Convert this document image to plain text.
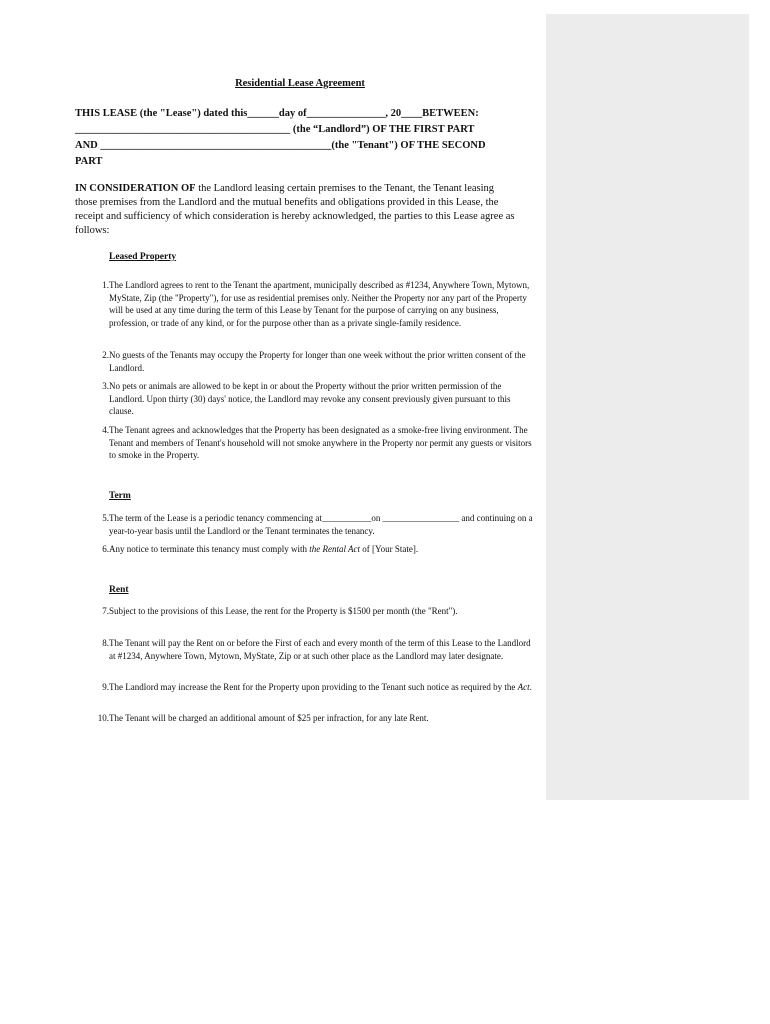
Residential Lease Agreement
THIS LEASE (the "Lease") dated this______day of_______________, 20____BETWEEN:
_________________________________________ (the “Landlord”) OF THE FIRST PART
AND ____________________________________________(the "Tenant") OF THE SECOND
PART
IN CONSIDERATION OF the Landlord leasing certain premises to the Tenant, the Tenant leasing those premises from the Landlord and the mutual benefits and obligations provided in this Lease, the receipt and sufficiency of which consideration is hereby acknowledged, the parties to this Lease agree as follows:
Leased Property
1. The Landlord agrees to rent to the Tenant the apartment, municipally described as #1234, Anywhere Town, Mytown, MyState, Zip (the "Property"), for use as residential premises only. Neither the Property nor any part of the Property will be used at any time during the term of this Lease by Tenant for the purpose of carrying on any business, profession, or trade of any kind, or for the purpose other than as a private single-family residence.
2. No guests of the Tenants may occupy the Property for longer than one week without the prior written consent of the Landlord.
3. No pets or animals are allowed to be kept in or about the Property without the prior written permission of the Landlord. Upon thirty (30) days' notice, the Landlord may revoke any consent previously given pursuant to this clause.
4. The Tenant agrees and acknowledges that the Property has been designated as a smoke-free living environment. The Tenant and members of Tenant's household will not smoke anywhere in the Property nor permit any guests or visitors to smoke in the Property.
Term
5. The term of the Lease is a periodic tenancy commencing at___________on _________________ and continuing on a year-to-year basis until the Landlord or the Tenant terminates the tenancy.
6. Any notice to terminate this tenancy must comply with the Rental Act of [Your State].
Rent
7. Subject to the provisions of this Lease, the rent for the Property is $1500 per month (the "Rent").
8. The Tenant will pay the Rent on or before the First of each and every month of the term of this Lease to the Landlord at #1234, Anywhere Town, Mytown, MyState, Zip or at such other place as the Landlord may later designate.
9. The Landlord may increase the Rent for the Property upon providing to the Tenant such notice as required by the Act.
10. The Tenant will be charged an additional amount of $25 per infraction, for any late Rent.
